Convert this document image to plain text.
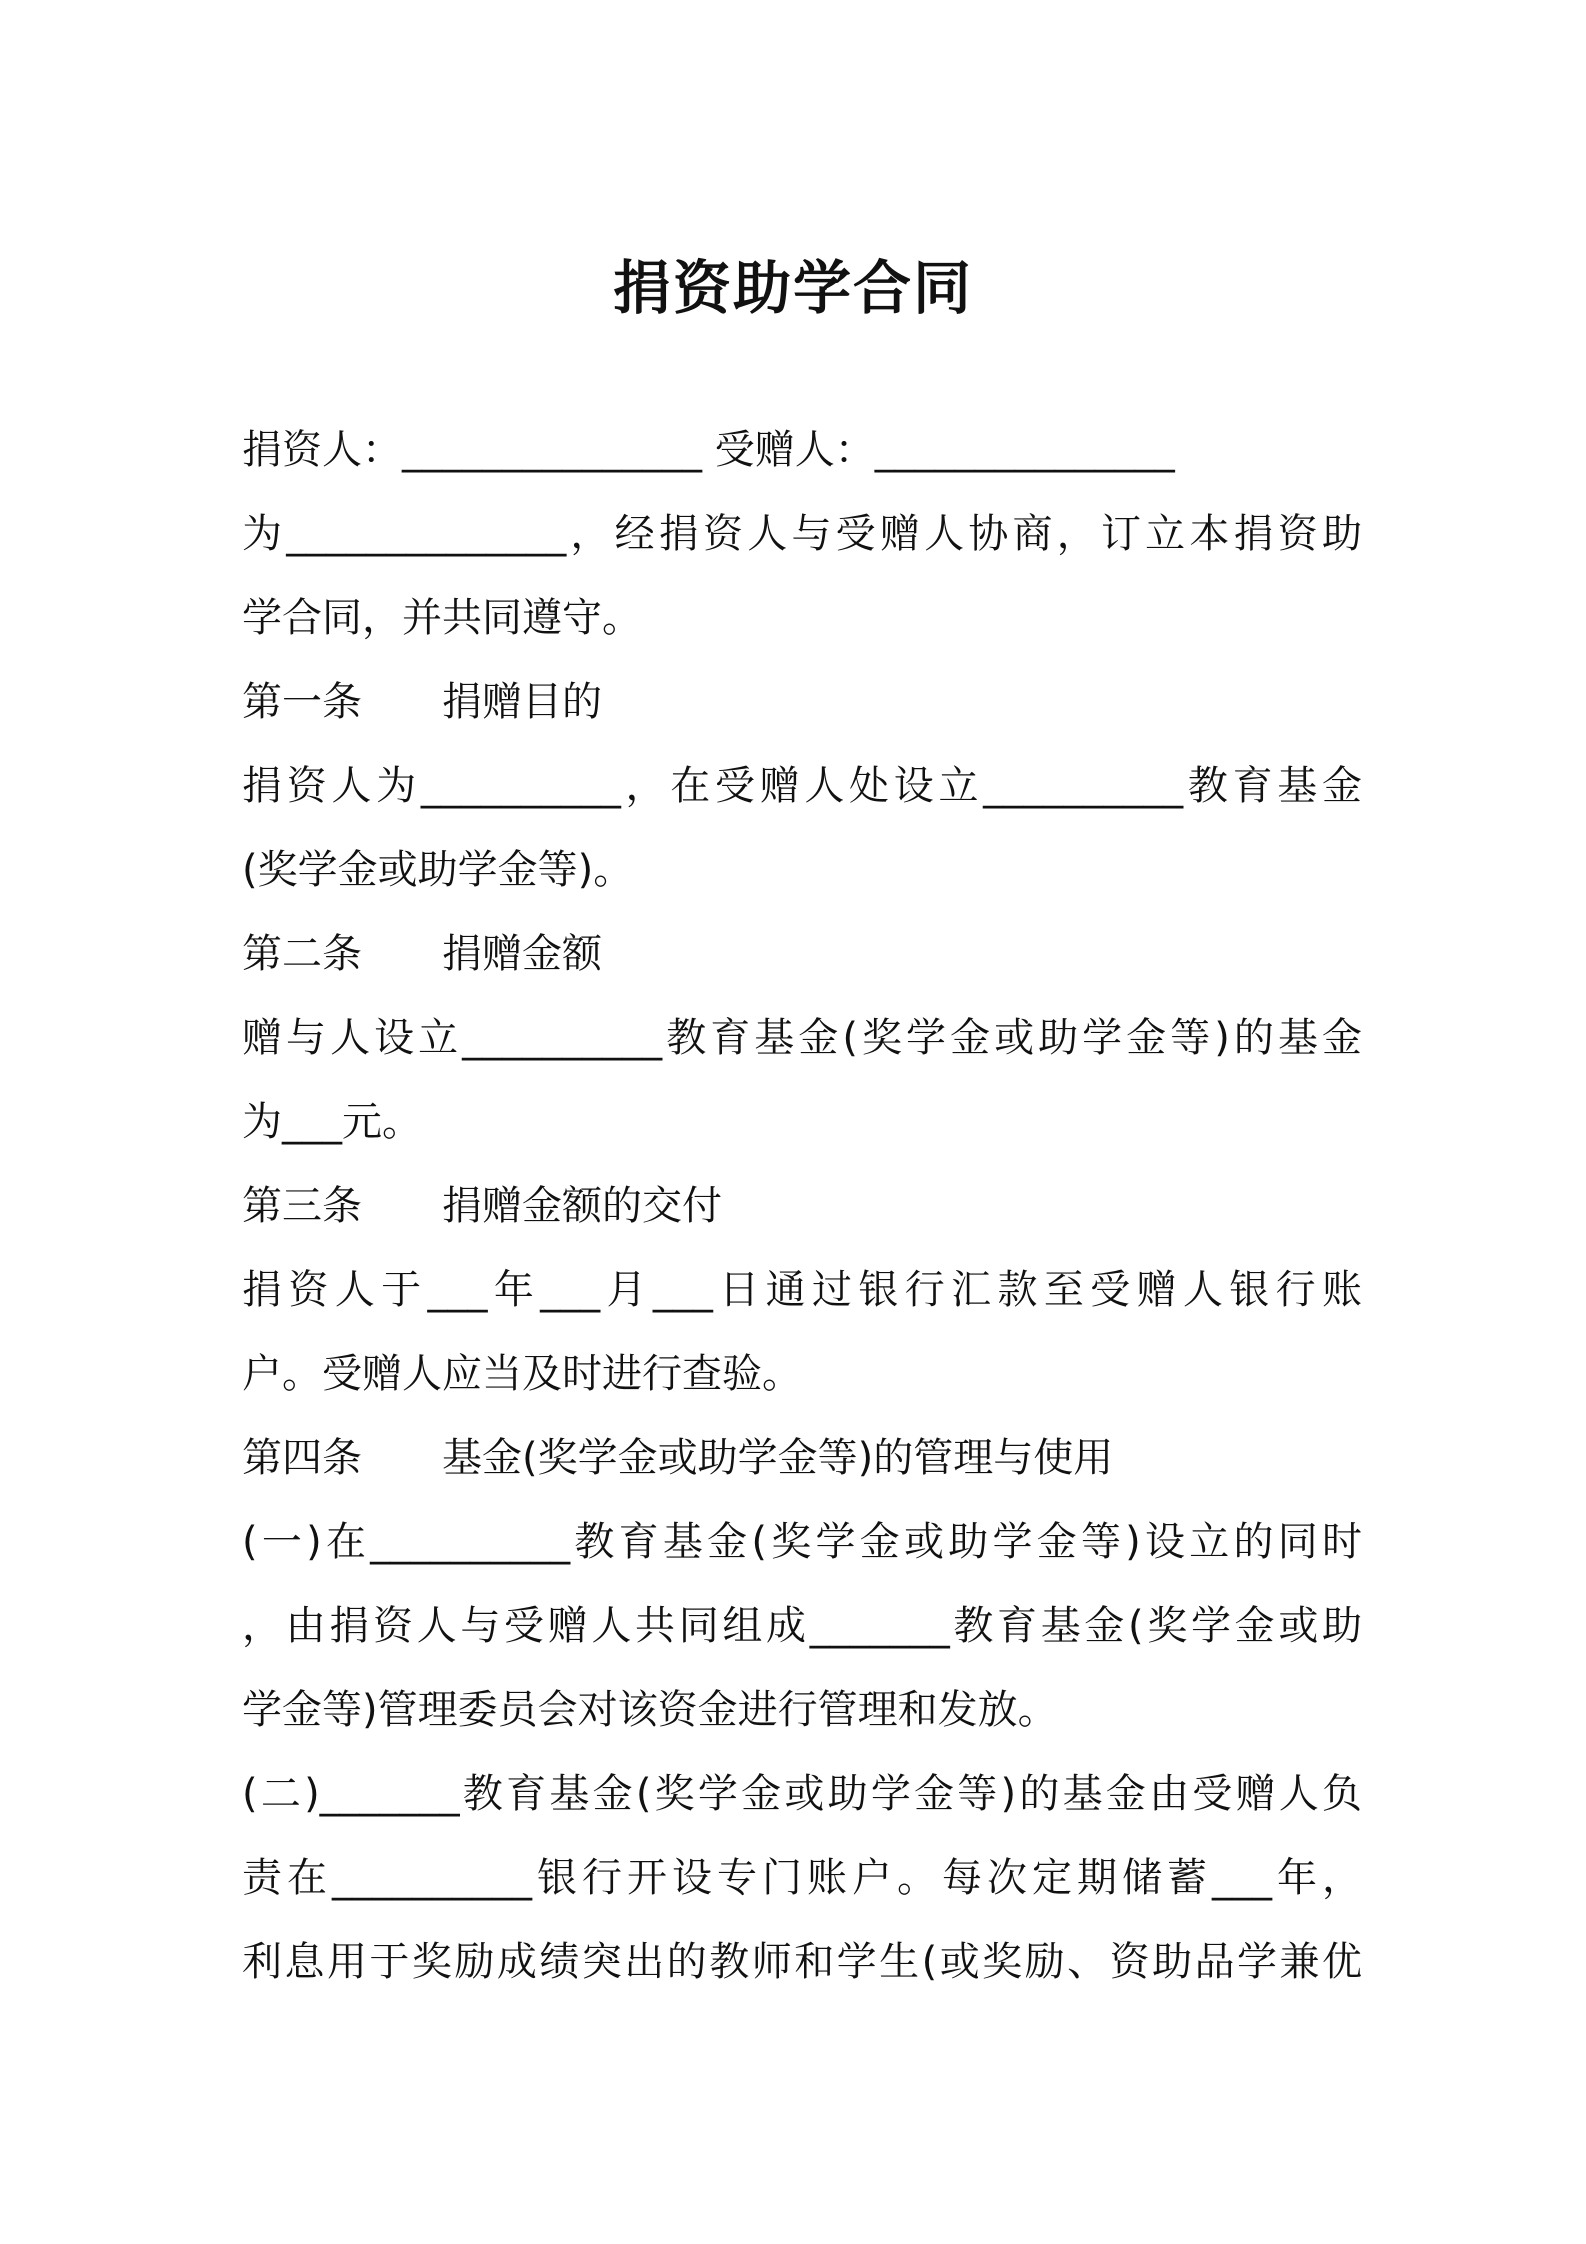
捐资助学合同
捐资人：_______________ 受赠人：_______________
为______________，经捐资人与受赠人协商，订立本捐资助
学合同，并共同遵守。
第一条　　捐赠目的
捐资人为__________，在受赠人处设立__________教育基金
(奖学金或助学金等)。
第二条　　捐赠金额
赠与人设立__________教育基金(奖学金或助学金等)的基金
为___元。
第三条　　捐赠金额的交付
捐资人于___年___月___日通过银行汇款至受赠人银行账
户。受赠人应当及时进行查验。
第四条　　基金(奖学金或助学金等)的管理与使用
(一)在__________教育基金(奖学金或助学金等)设立的同时
，由捐资人与受赠人共同组成_______教育基金(奖学金或助
学金等)管理委员会对该资金进行管理和发放。
(二)_______教育基金(奖学金或助学金等)的基金由受赠人负
责在__________银行开设专门账户。每次定期储蓄___年，
利息用于奖励成绩突出的教师和学生(或奖励、资助品学兼优
